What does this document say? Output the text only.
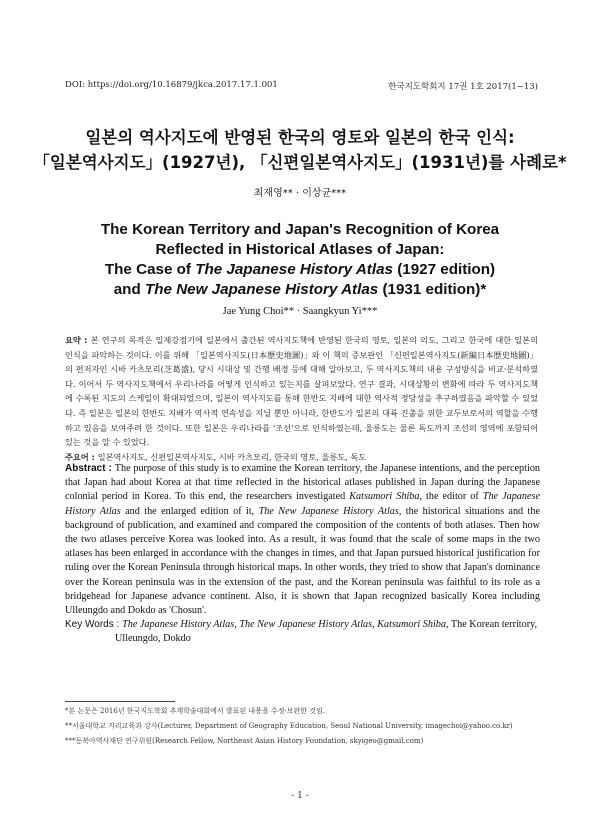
DOI: https://doi.org/10.16879/jkca.2017.17.1.001	한국지도학회지 17권 1호 2017(1~13)
일본의 역사지도에 반영된 한국의 영토와 일본의 한국 인식:
「일본역사지도」(1927년), 「신편일본역사지도」(1931년)를 사례로*
최재영** · 이상균***
The Korean Territory and Japan's Recognition of Korea
Reflected in Historical Atlases of Japan:
The Case of The Japanese History Atlas (1927 edition)
and The New Japanese History Atlas (1931 edition)*
Jae Yung Choi** · Saangkyun Yi***
요약 : 본 연구의 목적은 일제강점기에 일본에서 출간된 역사지도책에 반영된 한국의 영토, 일본의 의도, 그리고 한국에 대한 일본의 인식을 파악하는 것이다. 이를 위해 「일본역사지도(日本歷史地圖)」와 이 책의 증보판인 「신편일본역사지도(新編日本歷史地圖)」의 편저자인 시바 카츠모리(芝葛盛), 당시 시대상 및 간행 배경 등에 대해 알아보고, 두 역사지도책의 내용 구성방식을 비교·분석하였다. 이어서 두 역사지도책에서 우리나라를 어떻게 인식하고 있는지를 살펴보았다. 연구 결과, 시대상황의 변화에 따라 두 역사지도책에 수록된 지도의 스케일이 확대되었으며, 일본이 역사지도를 통해 한반도 지배에 대한 역사적 정당성을 추구하였음을 파악할 수 있었다. 즉 일본은 일본의 한반도 지배가 역사적 연속성을 지닐 뿐만 아니라, 한반도가 일본의 대륙 진출을 위한 교두보로서의 역할을 수행하고 있음을 보여주려 한 것이다. 또한 일본은 우리나라를 '조선'으로 인식하였는데, 울릉도는 물론 독도까지 조선의 영역에 포함되어 있는 것을 알 수 있었다.
주요어 : 일본역사지도, 신편일본역사지도, 시바 카츠모리, 한국의 영토, 울릉도, 독도
Abstract : The purpose of this study is to examine the Korean territory, the Japanese intentions, and the perception that Japan had about Korea at that time reflected in the historical atlases published in Japan during the Japanese colonial period in Korea. To this end, the researchers investigated Katsumori Shiba, the editor of The Japanese History Atlas and the enlarged edition of it, The New Japanese History Atlas, the historical situations and the background of publication, and examined and compared the composition of the contents of both atlases. Then how the two atlases perceive Korea was looked into. As a result, it was found that the scale of some maps in the two atlases has been enlarged in accordance with the changes in times, and that Japan pursued historical justification for ruling over the Korean Peninsula through historical maps. In other words, they tried to show that Japan's dominance over the Korean peninsula was in the extension of the past, and the Korean peninsula was faithful to its role as a bridgehead for Japanese advance continent. Also, it is shown that Japan recognized basically Korea including Ulleungdo and Dokdo as 'Chosun'.
Key Words : The Japanese History Atlas, The New Japanese History Atlas, Katsumori Shiba, The Korean territory,
Ulleungdo, Dokdo
*본 논문은 2016년 한국지도학회 추계학술대회에서 발표된 내용을 수정·보완한 것임.
**서울대학교 지리교육과 강사(Lecturer, Department of Geography Education, Seoul National University, imagechoi@yahoo.co.kr)
***동북아역사재단 연구위원(Research Fellow, Northeast Asian History Foundation, skyigeo@gmail.com)
- 1 -
